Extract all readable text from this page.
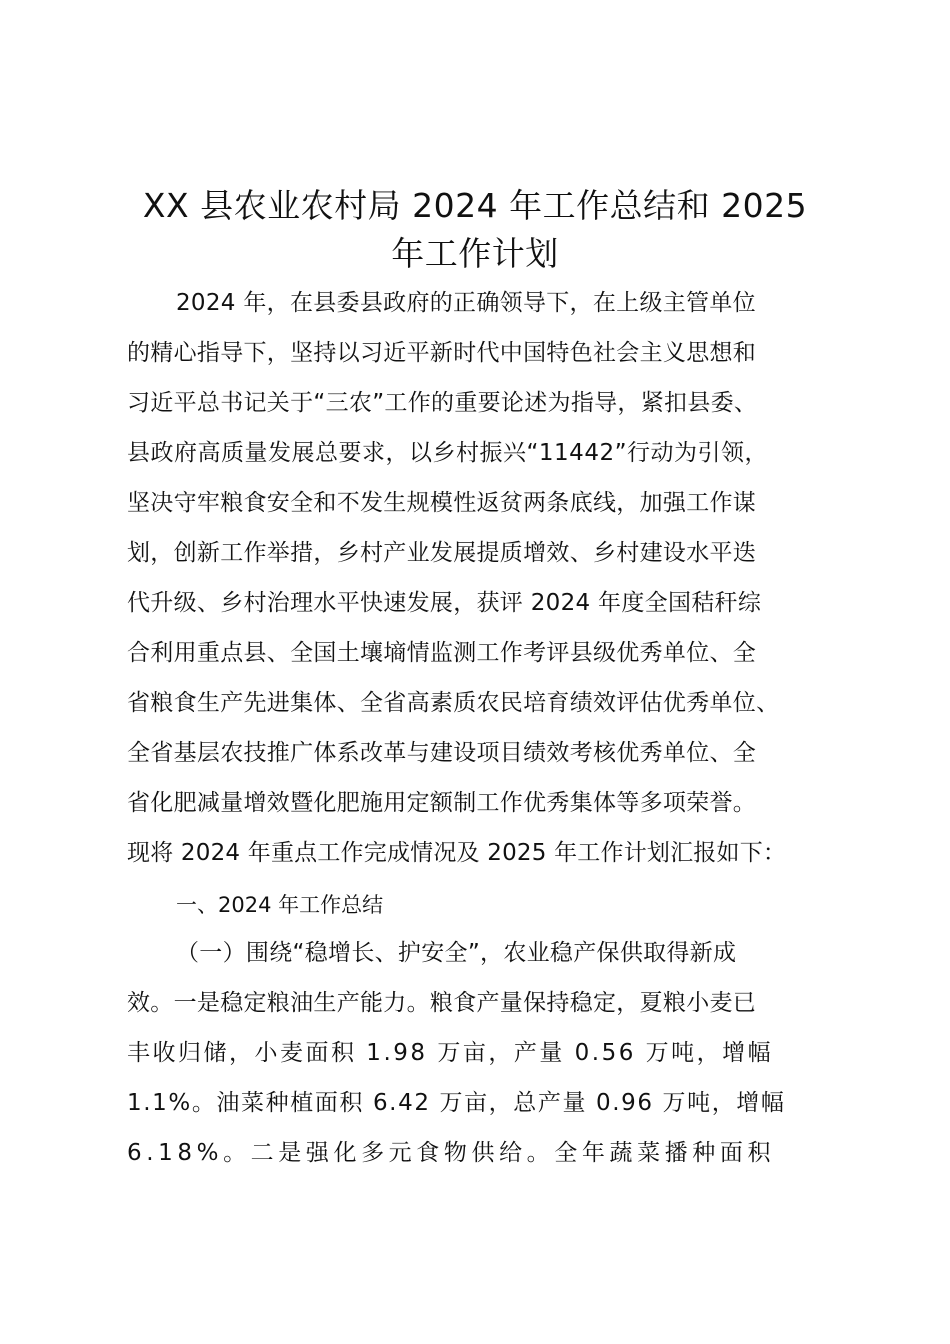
XX 县农业农村局 2024 年工作总结和 2025
年工作计划

2024 年，在县委县政府的正确领导下，在上级主管单位

的精心指导下，坚持以习近平新时代中国特色社会主义思想和

习近平总书记关于“三农”工作的重要论述为指导，紧扣县委、

县政府高质量发展总要求，以乡村振兴“11442”行动为引领，

坚决守牢粮食安全和不发生规模性返贫两条底线，加强工作谋

划，创新工作举措，乡村产业发展提质增效、乡村建设水平迭

代升级、乡村治理水平快速发展，获评 2024 年度全国秸秆综

合利用重点县、全国土壤墒情监测工作考评县级优秀单位、全

省粮食生产先进集体、全省高素质农民培育绩效评估优秀单位、

全省基层农技推广体系改革与建设项目绩效考核优秀单位、全

省化肥减量增效暨化肥施用定额制工作优秀集体等多项荣誉。

现将 2024 年重点工作完成情况及 2025 年工作计划汇报如下：

一、2024 年工作总结

（一）围绕“稳增长、护安全”，农业稳产保供取得新成

效。一是稳定粮油生产能力。粮食产量保持稳定，夏粮小麦已

丰收归储，小麦面积 1.98 万亩，产量 0.56 万吨，增幅

1.1%。油菜种植面积 6.42 万亩，总产量 0.96 万吨，增幅

6.18%。二是强化多元食物供给。全年蔬菜播种面积
